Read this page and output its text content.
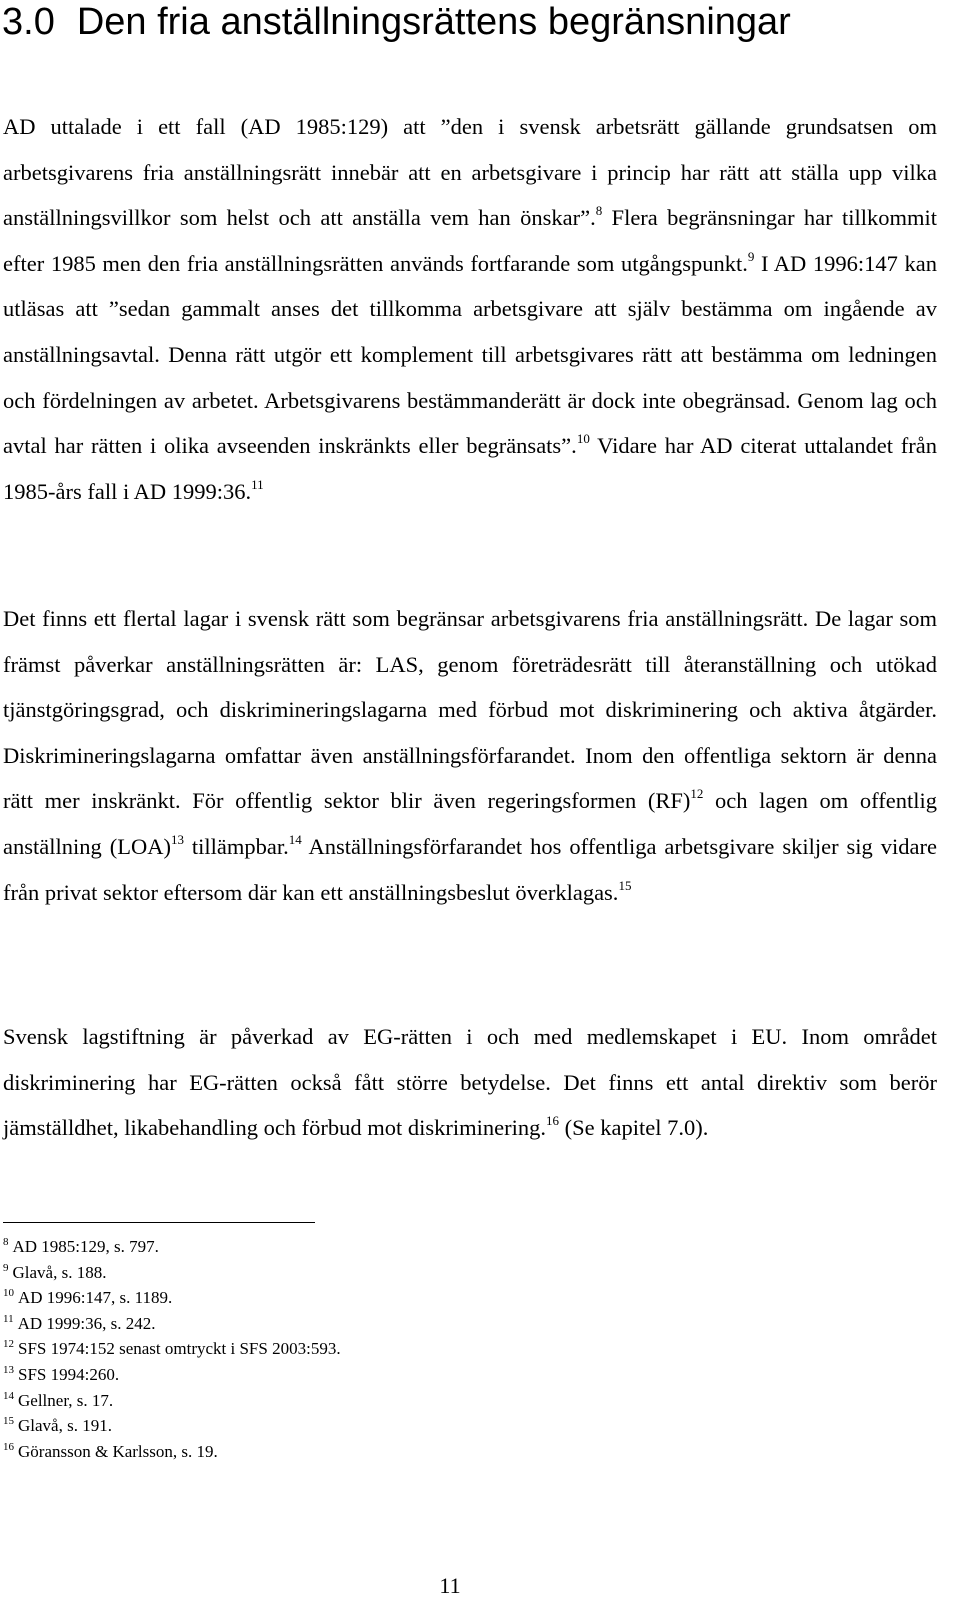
3.0 Den fria anställningsrättens begränsningar

AD uttalade i ett fall (AD 1985:129) att ”den i svensk arbetsrätt gällande grundsatsen om arbetsgivarens fria anställningsrätt innebär att en arbetsgivare i princip har rätt att ställa upp vilka anställningsvillkor som helst och att anställa vem han önskar”.$^8$ Flera begränsningar har tillkommit efter 1985 men den fria anställningsrätten används fortfarande som utgångspunkt.$^9$ I AD 1996:147 kan utläsas att ”sedan gammalt anses det tillkomma arbetsgivare att själv bestämma om ingående av anställningsavtal. Denna rätt utgör ett komplement till arbetsgivares rätt att bestämma om ledningen och fördelningen av arbetet. Arbetsgivarens bestämmanderätt är dock inte obegränsad. Genom lag och avtal har rätten i olika avseenden inskränkts eller begränsats”.$^{10}$ Vidare har AD citerat uttalandet från 1985-års fall i AD 1999:36.11

Det finns ett flertal lagar i svensk rätt som begränsar arbetsgivarens fria anställningsrätt. De lagar som främst påverkar anställningsrätten är: LAS, genom företrädesrätt till återanställning och utökad tjänstgöringsgrad, och diskrimineringslagarna med förbud mot diskriminering och aktiva åtgärder. Diskrimineringslagarna omfattar även anställningsförfarandet. Inom den offentliga sektorn är denna rätt mer inskränkt. För offentlig sektor blir även regeringsformen (RF)$^{12}$ och lagen om offentlig anställning (LOA)$^{13}$ tillämpbar.$^{14}$ Anställningsförfarandet hos offentliga arbetsgivare skiljer sig vidare från privat sektor eftersom där kan ett anställningsbeslut överklagas.$^{15}$

Svensk lagstiftning är påverkad av EG-rätten i och med medlemskapet i EU. Inom området diskriminering har EG-rätten också fått större betydelse. Det finns ett antal direktiv som berör jämställdhet, likabehandling och förbud mot diskriminering.$^{16}$ (Se kapitel 7.0).

$^8$ AD 1985:129, s. 797.
$^9$ Glavå, s. 188.
$^{10}$ AD 1996:147, s. 1189.
$^{11}$ AD 1999:36, s. 242.
$^{12}$ SFS 1974:152 senast omtryckt i SFS 2003:593.
$^{13}$ SFS 1994:260.
$^{14}$ Gellner, s. 17.
$^{15}$ Glavå, s. 191.
$^{16}$ Göransson & Karlsson, s. 19.
11
